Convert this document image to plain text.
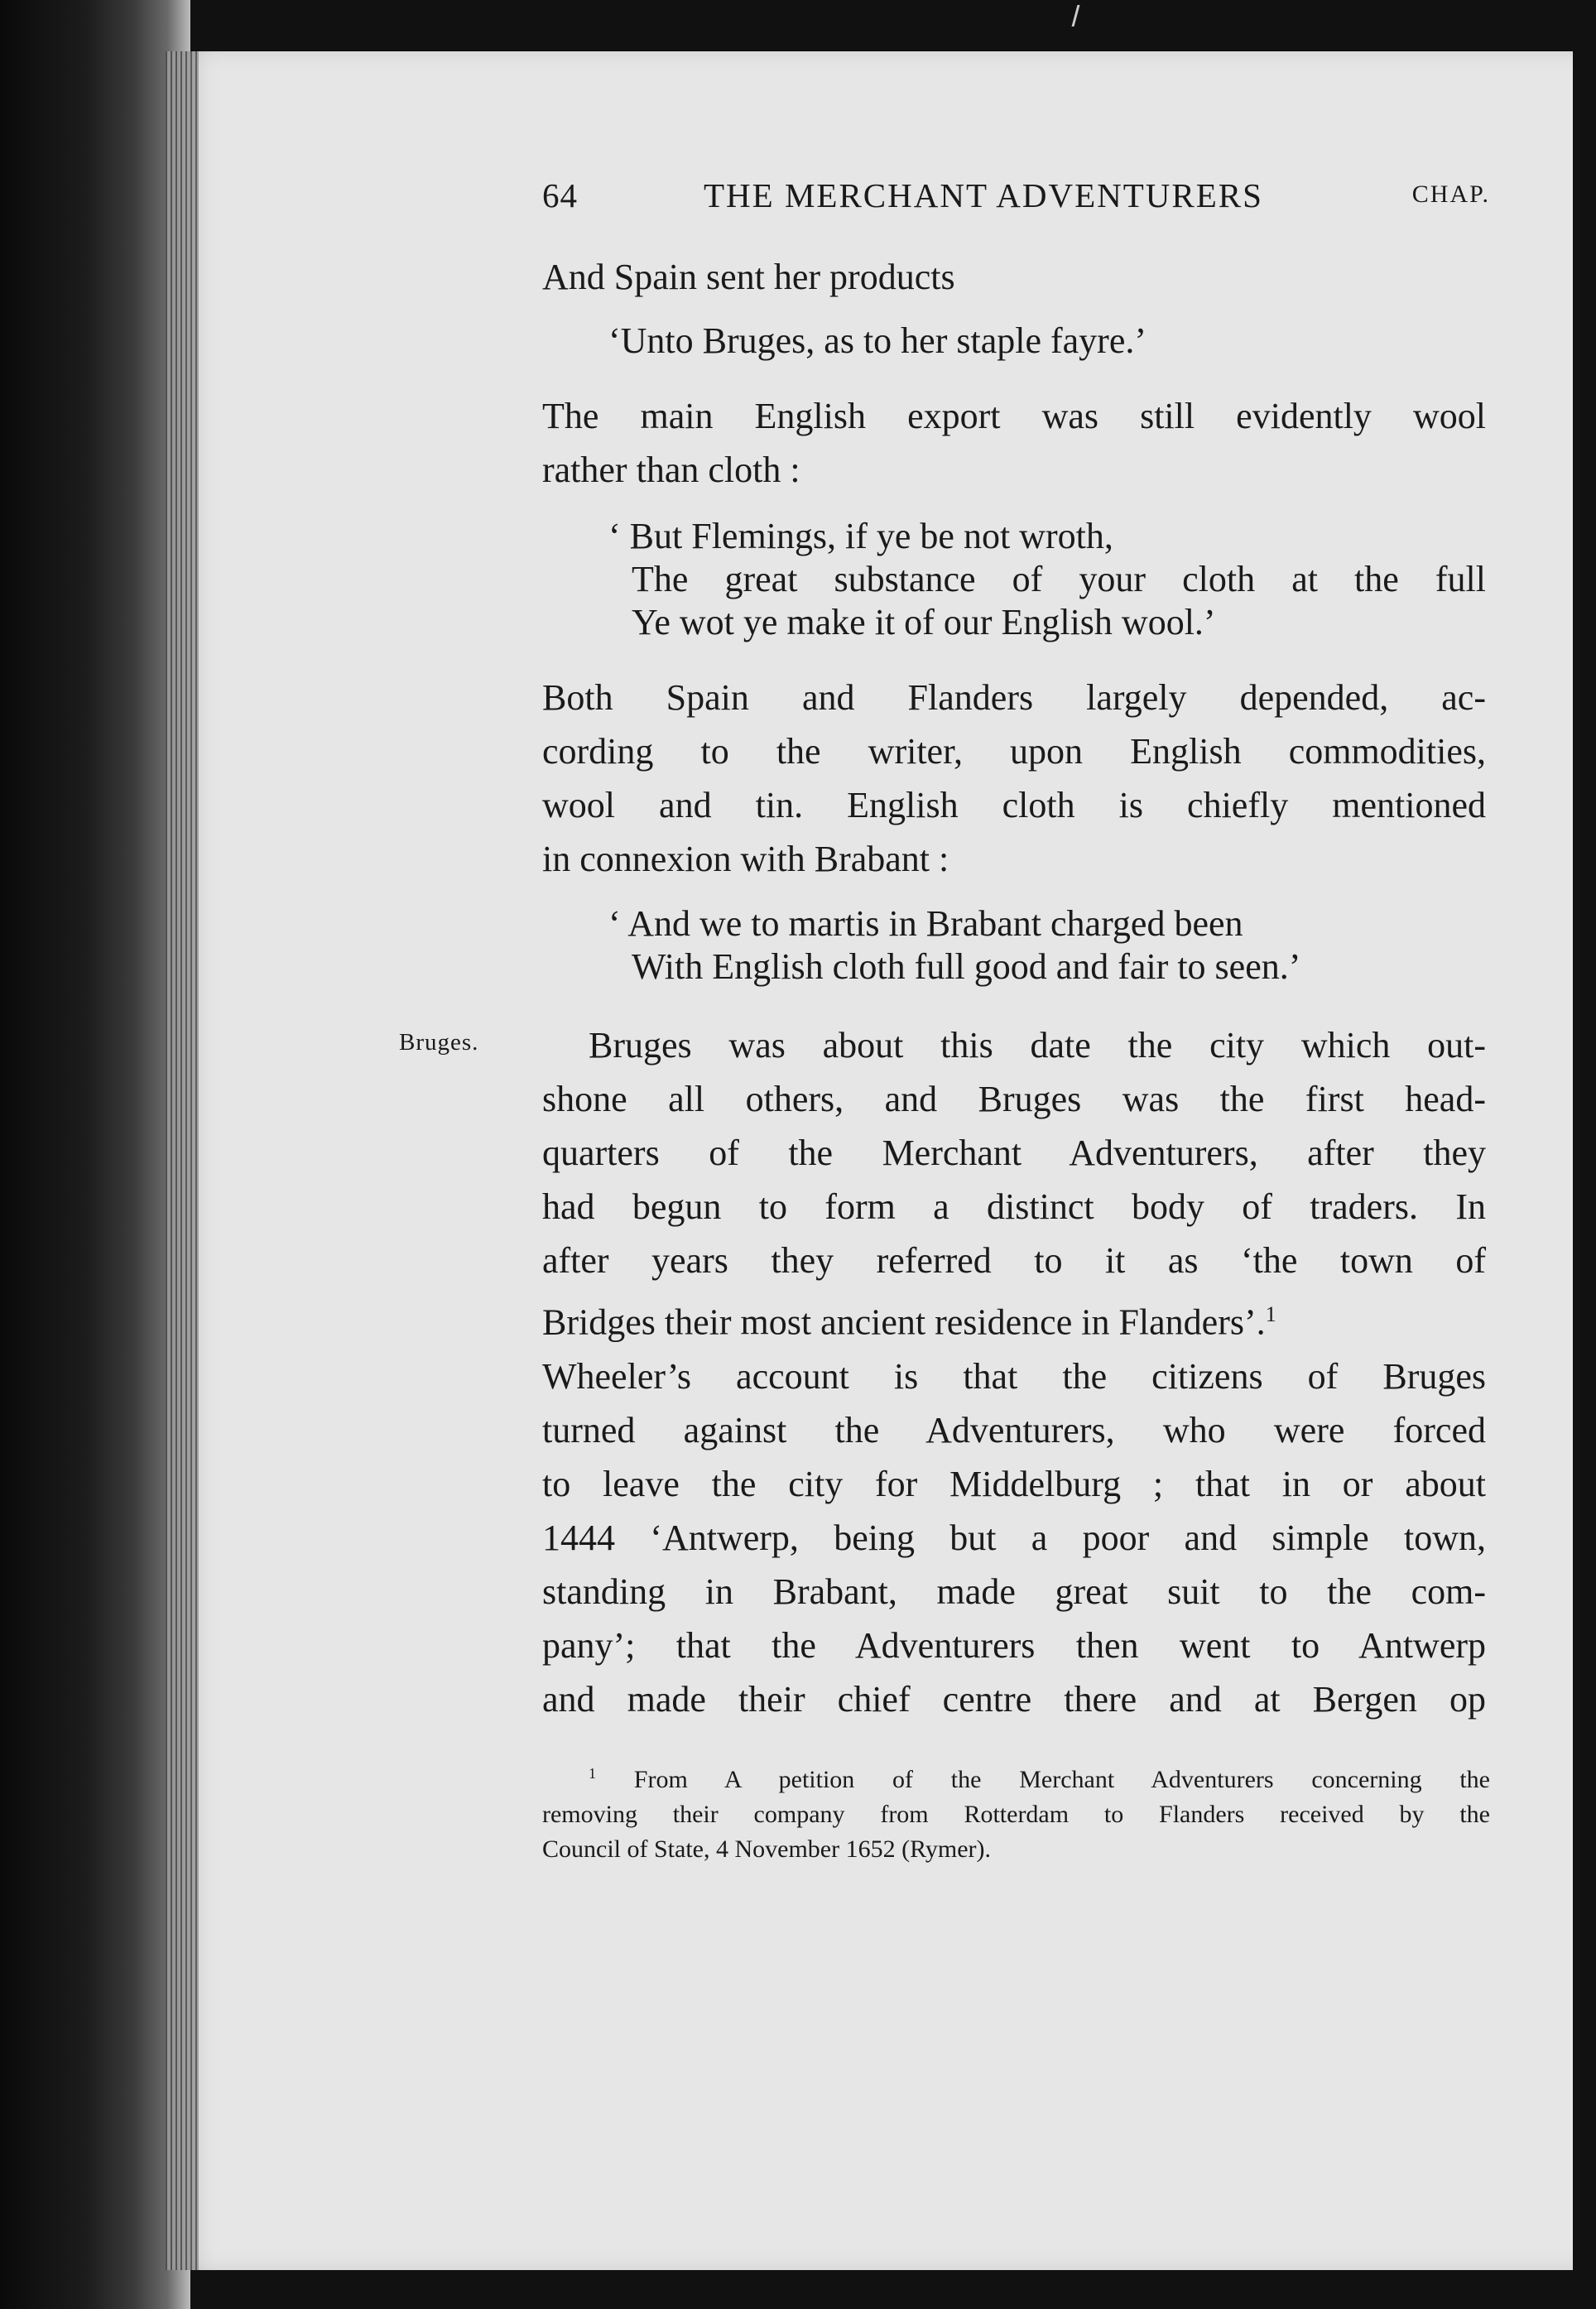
64	THE MERCHANT ADVENTURERS	CHAP.
And Spain sent her products
‘Unto Bruges, as to her staple fayre.’
The main English export was still evidently wool
rather than cloth :
‘ But Flemings, if ye be not wroth,
The great substance of your cloth at the full
Ye wot ye make it of our English wool.’
Both Spain and Flanders largely depended, ac-
cording to the writer, upon English commodities,
wool and tin. English cloth is chiefly mentioned
in connexion with Brabant :
‘ And we to martis in Brabant charged been
With English cloth full good and fair to seen.’
Bruges.	Bruges was about this date the city which out-
shone all others, and Bruges was the first head-
quarters of the Merchant Adventurers, after they
had begun to form a distinct body of traders. In
after years they referred to it as ‘the town of
Bridges their most ancient residence in Flanders’.$^1$
Wheeler’s account is that the citizens of Bruges
turned against the Adventurers, who were forced
to leave the city for Middelburg ; that in or about
1444 ‘Antwerp, being but a poor and simple town,
standing in Brabant, made great suit to the com-
pany’; that the Adventurers then went to Antwerp
and made their chief centre there and at Bergen op
$^1$ From A petition of the Merchant Adventurers concerning the
removing their company from Rotterdam to Flanders received by the
Council of State, 4 November 1652 (Rymer).
